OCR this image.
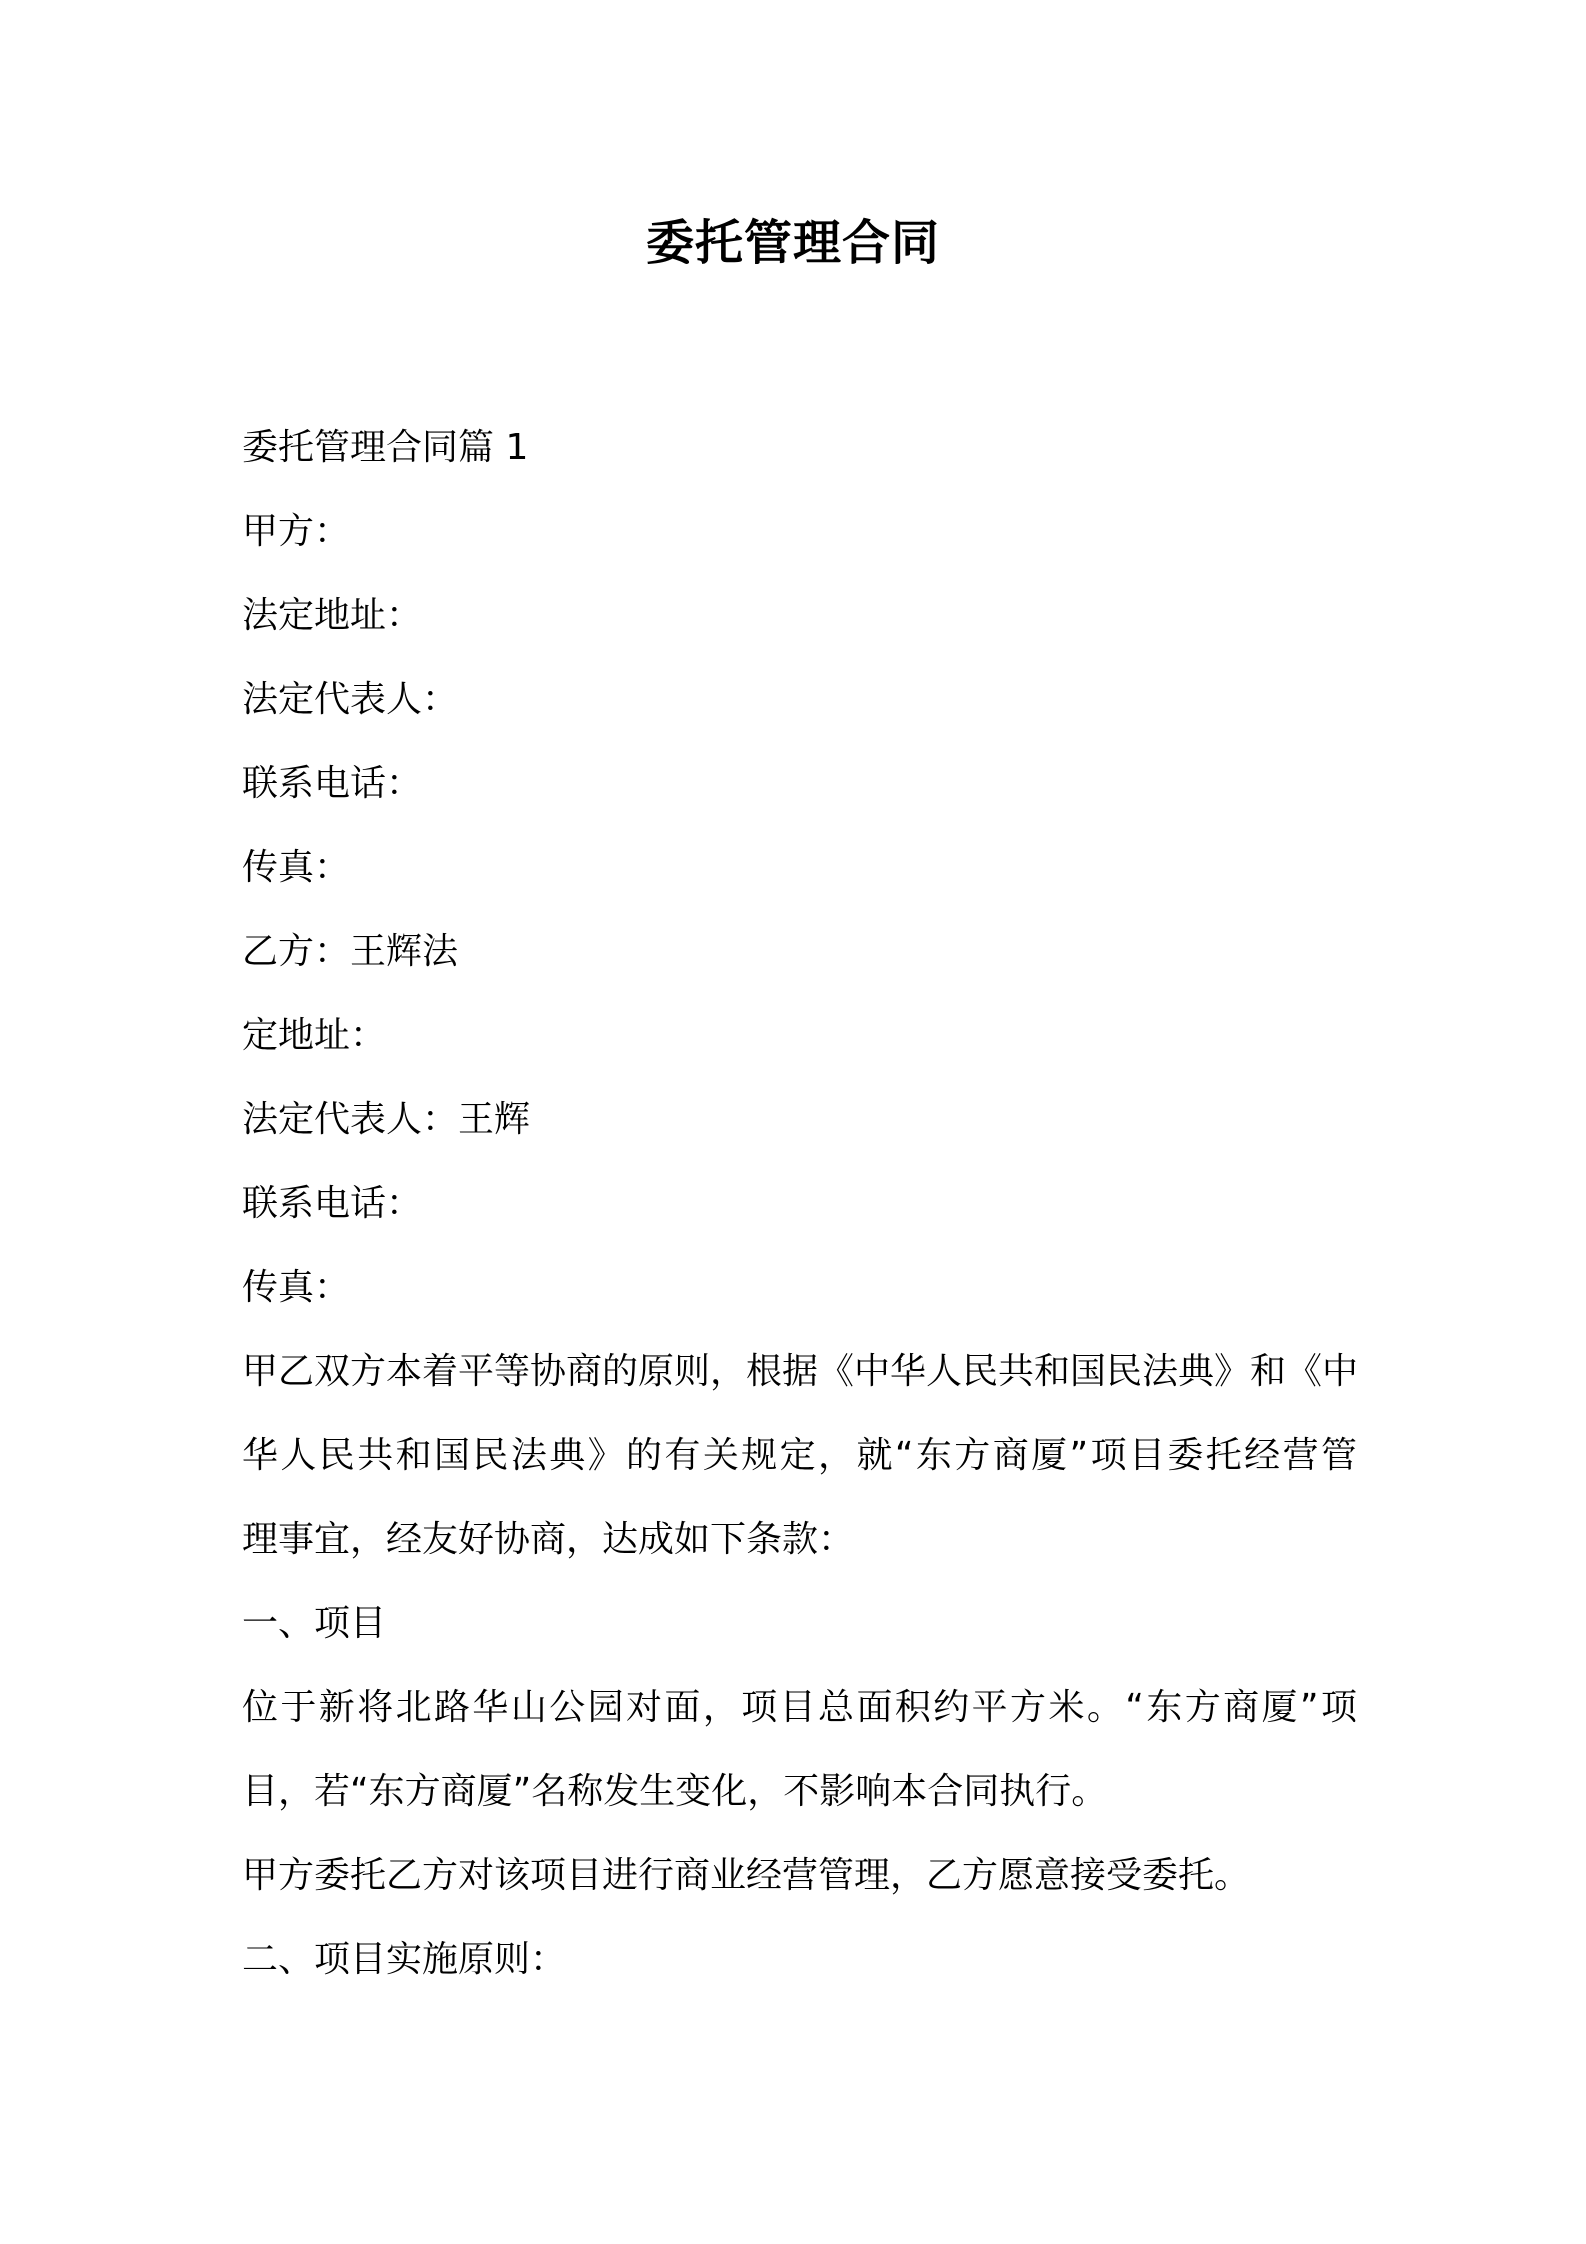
委托管理合同
委托管理合同篇 1
甲方：
法定地址：
法定代表人：
联系电话：
传真：
乙方：王辉法
定地址：
法定代表人：王辉
联系电话：
传真：
甲乙双方本着平等协商的原则，根据《中华人民共和国民法典》和《中
华人民共和国民法典》的有关规定，就“东方商厦”项目委托经营管
理事宜，经友好协商，达成如下条款：
一、项目
位于新将北路华山公园对面，项目总面积约平方米。“东方商厦”项
目，若“东方商厦”名称发生变化，不影响本合同执行。
甲方委托乙方对该项目进行商业经营管理，乙方愿意接受委托。
二、项目实施原则：
